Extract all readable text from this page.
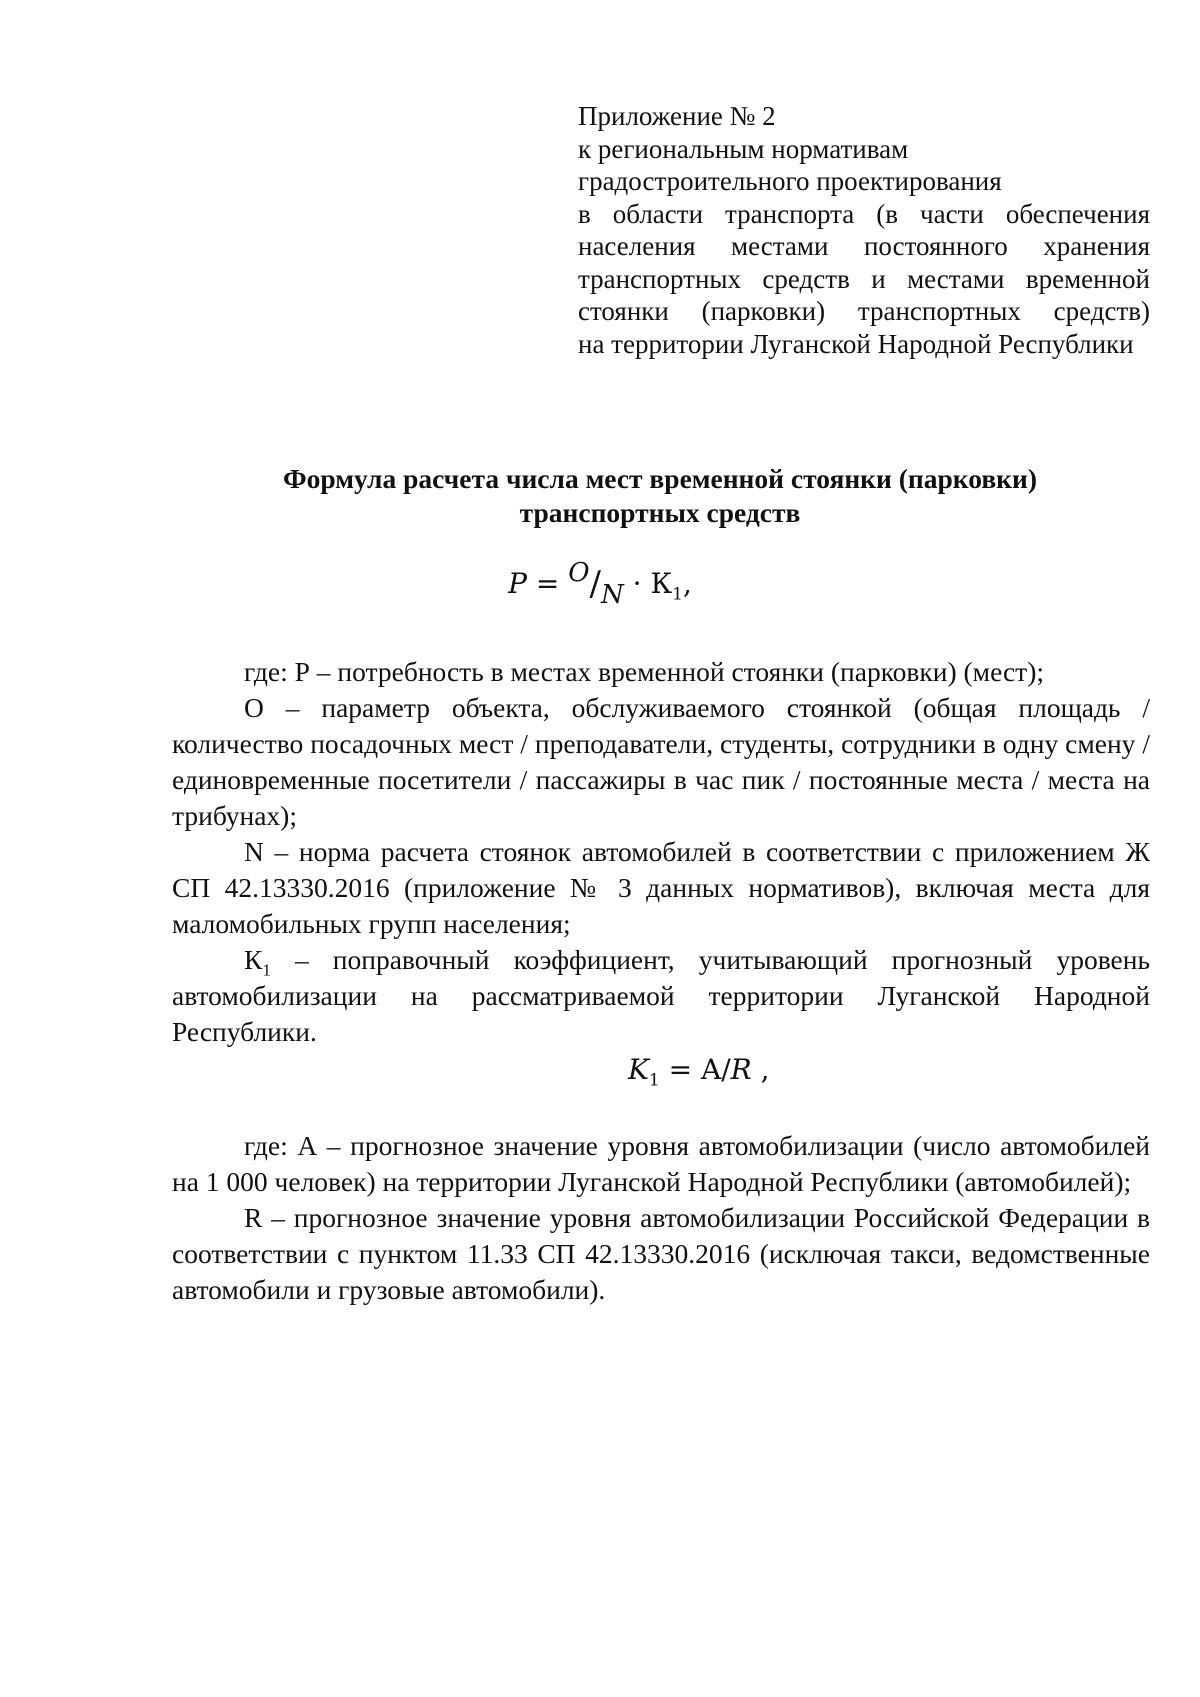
Приложение № 2
к региональным нормативам
градостроительного проектирования
в области транспорта (в части обеспечения населения местами постоянного хранения транспортных средств и местами временной стоянки (парковки) транспортных средств)
на территории Луганской Народной Республики
Формула расчета числа мест временной стоянки (парковки)
транспортных средств
$P = O/N \cdot К_1$,

где: Р – потребность в местах временной стоянки (парковки) (мест);

О – параметр объекта, обслуживаемого стоянкой (общая площадь / количество посадочных мест / преподаватели, студенты, сотрудники в одну смену / единовременные посетители / пассажиры в час пик / постоянные места / места на трибунах);

N – норма расчета стоянок автомобилей в соответствии с приложением Ж СП 42.13330.2016 (приложение № 3 данных нормативов), включая места для маломобильных групп населения;

$К_1$ – поправочный коэффициент, учитывающий прогнозный уровень автомобилизации на рассматриваемой территории Луганской Народной Республики.

$K_1 = A/R$ ,

где: А – прогнозное значение уровня автомобилизации (число автомобилей на 1 000 человек) на территории Луганской Народной Республики (автомобилей);

R – прогнозное значение уровня автомобилизации Российской Федерации в соответствии с пунктом 11.33 СП 42.13330.2016 (исключая такси, ведомственные автомобили и грузовые автомобили).
